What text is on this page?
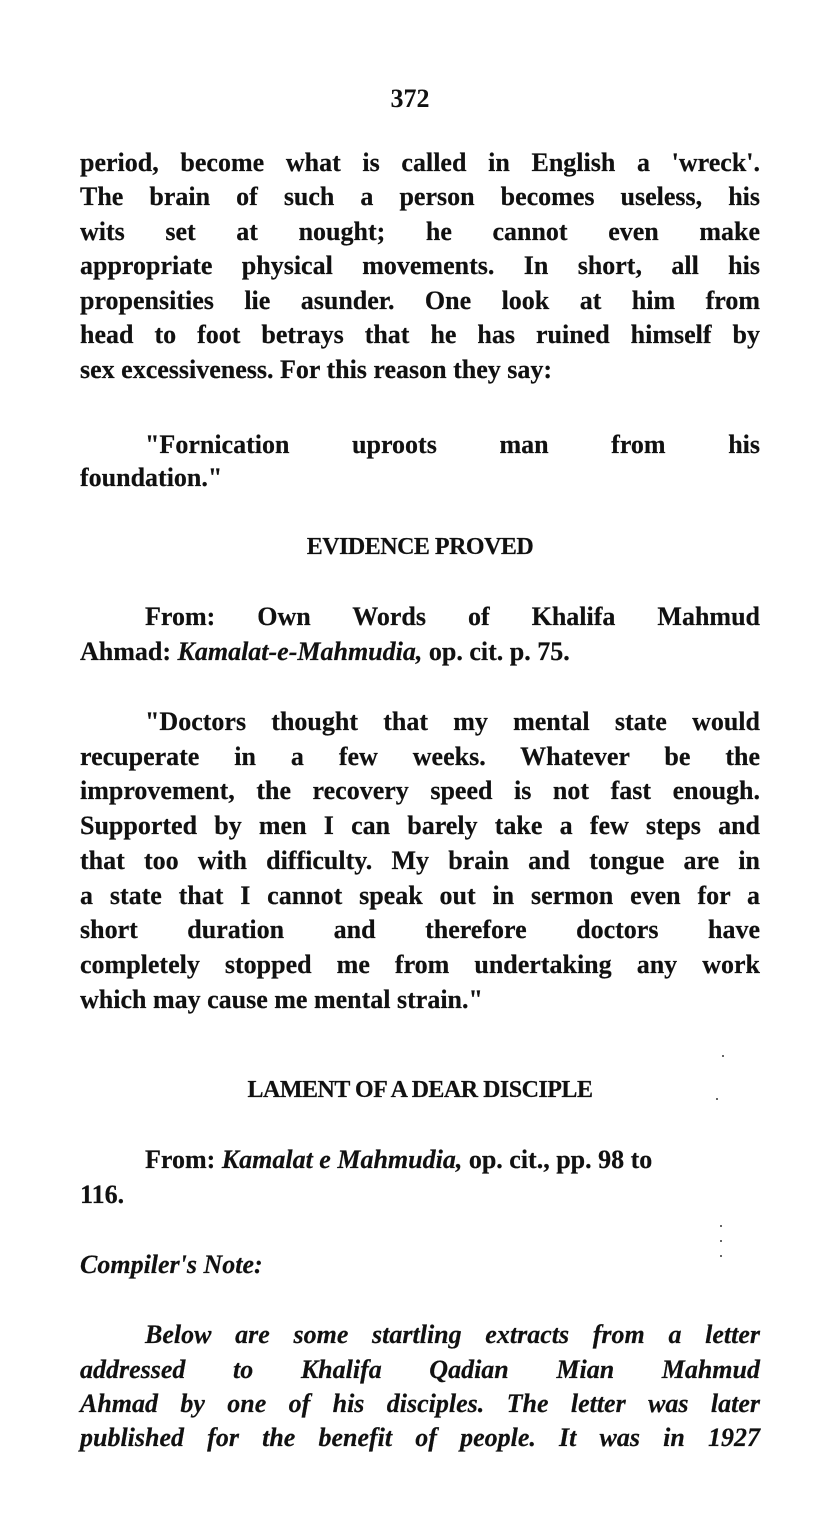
372
period, become what is called in English a 'wreck'.
The brain of such a person becomes useless, his
wits set at nought; he cannot even make
appropriate physical movements. In short, all his
propensities lie asunder. One look at him from
head to foot betrays that he has ruined himself by
sex excessiveness. For this reason they say:
"Fornication uproots man from his
foundation."
EVIDENCE PROVED
From: Own Words of Khalifa Mahmud
Ahmad: Kamalat-e-Mahmudia, op. cit. p. 75.
"Doctors thought that my mental state would
recuperate in a few weeks. Whatever be the
improvement, the recovery speed is not fast enough.
Supported by men I can barely take a few steps and
that too with difficulty. My brain and tongue are in
a state that I cannot speak out in sermon even for a
short duration and therefore doctors have
completely stopped me from undertaking any work
which may cause me mental strain."
LAMENT OF A DEAR DISCIPLE
From: Kamalat e Mahmudia, op. cit., pp. 98 to
116.
Compiler's Note:
Below are some startling extracts from a letter
addressed to Khalifa Qadian Mian Mahmud
Ahmad by one of his disciples. The letter was later
published for the benefit of people. It was in 1927
